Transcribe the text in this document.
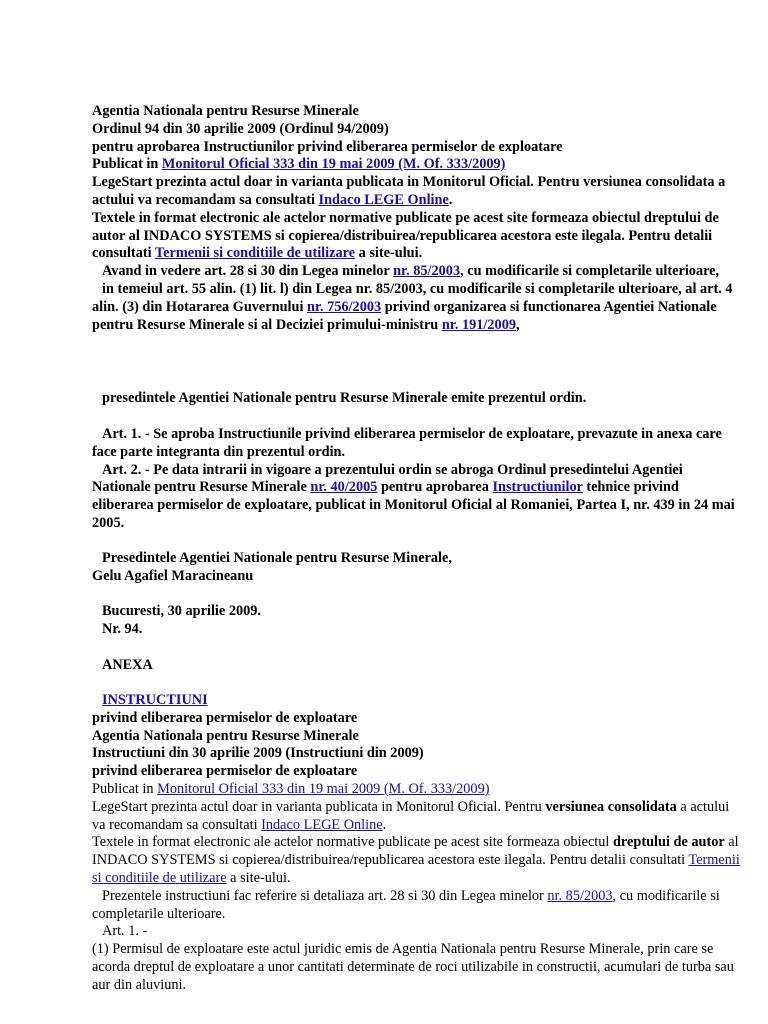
Agentia Nationala pentru Resurse Minerale

Ordinul 94 din 30 aprilie 2009 (Ordinul 94/2009)

pentru aprobarea Instructiunilor privind eliberarea permiselor de exploatare

Publicat in Monitorul Oficial 333 din 19 mai 2009 (M. Of. 333/2009)

LegeStart prezinta actul doar in varianta publicata in Monitorul Oficial. Pentru versiunea consolidata a actului va recomandam sa consultati Indaco LEGE Online.

Textele in format electronic ale actelor normative publicate pe acest site formeaza obiectul dreptului de autor al INDACO SYSTEMS si copierea/distribuirea/republicarea acestora este ilegala. Pentru detalii consultati Termenii si conditiile de utilizare a site-ului.

Avand in vedere art. 28 si 30 din Legea minelor nr. 85/2003, cu modificarile si completarile ulterioare,

in temeiul art. 55 alin. (1) lit. l) din Legea nr. 85/2003, cu modificarile si completarile ulterioare, al art. 4 alin. (3) din Hotararea Guvernului nr. 756/2003 privind organizarea si functionarea Agentiei Nationale pentru Resurse Minerale si al Deciziei primului-ministru nr. 191/2009,

presedintele Agentiei Nationale pentru Resurse Minerale emite prezentul ordin.

Art. 1. - Se aproba Instructiunile privind eliberarea permiselor de exploatare, prevazute in anexa care face parte integranta din prezentul ordin.

Art. 2. - Pe data intrarii in vigoare a prezentului ordin se abroga Ordinul presedintelui Agentiei Nationale pentru Resurse Minerale nr. 40/2005 pentru aprobarea Instructiunilor tehnice privind eliberarea permiselor de exploatare, publicat in Monitorul Oficial al Romaniei, Partea I, nr. 439 in 24 mai 2005.

Presedintele Agentiei Nationale pentru Resurse Minerale,

Gelu Agafiel Maracineanu

Bucuresti, 30 aprilie 2009.

Nr. 94.

ANEXA

INSTRUCTIUNI

privind eliberarea permiselor de exploatare

Agentia Nationala pentru Resurse Minerale

Instructiuni din 30 aprilie 2009 (Instructiuni din 2009)

privind eliberarea permiselor de exploatare

Publicat in Monitorul Oficial 333 din 19 mai 2009 (M. Of. 333/2009)

LegeStart prezinta actul doar in varianta publicata in Monitorul Oficial. Pentru versiunea consolidata a actului va recomandam sa consultati Indaco LEGE Online.

Textele in format electronic ale actelor normative publicate pe acest site formeaza obiectul dreptului de autor al INDACO SYSTEMS si copierea/distribuirea/republicarea acestora este ilegala. Pentru detalii consultati Termenii si conditiile de utilizare a site-ului.

Prezentele instructiuni fac referire si detaliaza art. 28 si 30 din Legea minelor nr. 85/2003, cu modificarile si completarile ulterioare.

Art. 1. -

(1) Permisul de exploatare este actul juridic emis de Agentia Nationala pentru Resurse Minerale, prin care se acorda dreptul de exploatare a unor cantitati determinate de roci utilizabile in constructii, acumulari de turba sau aur din aluviuni.
